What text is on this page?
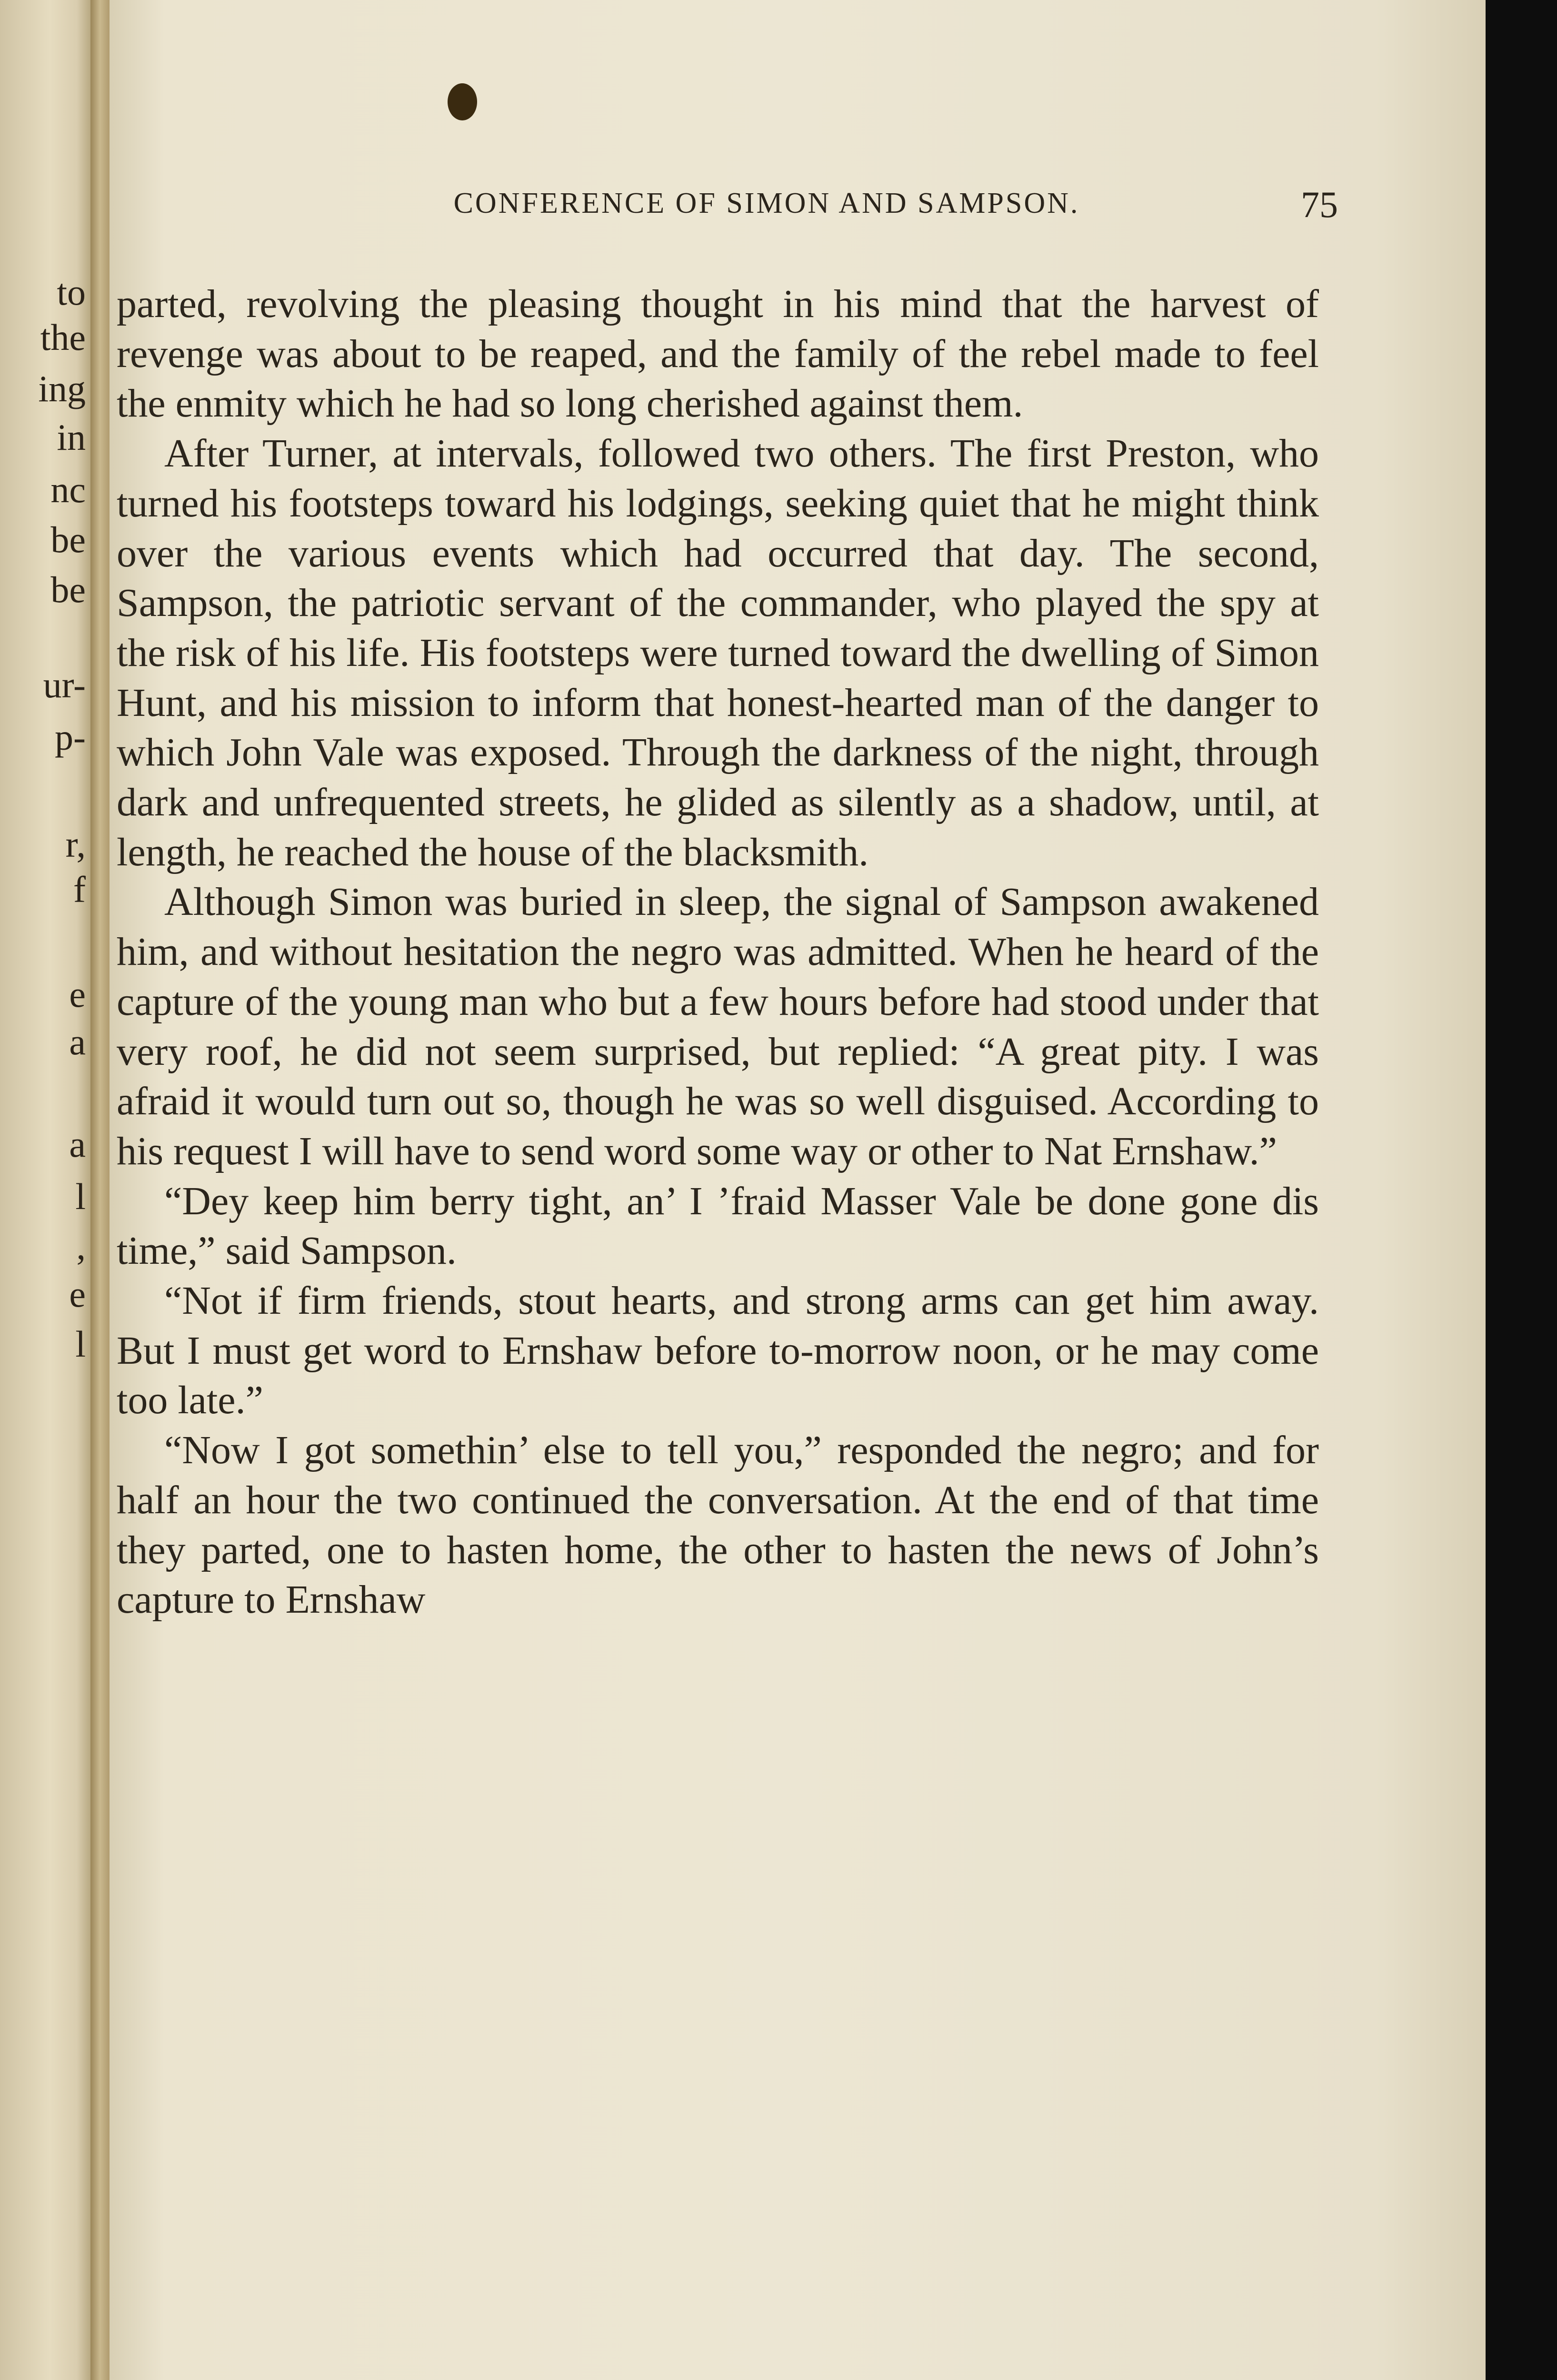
to
the
ing
in
nc
be
be
ur-
p-
r,
f
e
a
a
l
,
e
l
CONFERENCE OF SIMON AND SAMPSON.	75

parted, revolving the pleasing thought in his mind that the harvest of revenge was about to be reaped, and the family of the rebel made to feel the enmity which he had so long cherished against them.

After Turner, at intervals, followed two others. The first Preston, who turned his footsteps toward his lodgings, seeking quiet that he might think over the various events which had occurred that day. The second, Sampson, the patriotic servant of the commander, who played the spy at the risk of his life. His footsteps were turned toward the dwelling of Simon Hunt, and his mission to inform that honest-hearted man of the danger to which John Vale was exposed. Through the darkness of the night, through dark and unfrequented streets, he glided as silently as a shadow, until, at length, he reached the house of the blacksmith.

Although Simon was buried in sleep, the signal of Sampson awakened him, and without hesitation the negro was admitted. When he heard of the capture of the young man who but a few hours before had stood under that very roof, he did not seem surprised, but replied: “A great pity. I was afraid it would turn out so, though he was so well disguised. According to his request I will have to send word some way or other to Nat Ernshaw.”

“Dey keep him berry tight, an’ I ’fraid Masser Vale be done gone dis time,” said Sampson.

“Not if firm friends, stout hearts, and strong arms can get him away. But I must get word to Ernshaw before to-morrow noon, or he may come too late.”

“Now I got somethin’ else to tell you,” responded the negro; and for half an hour the two continued the conversation. At the end of that time they parted, one to hasten home, the other to hasten the news of John’s capture to Ernshaw
